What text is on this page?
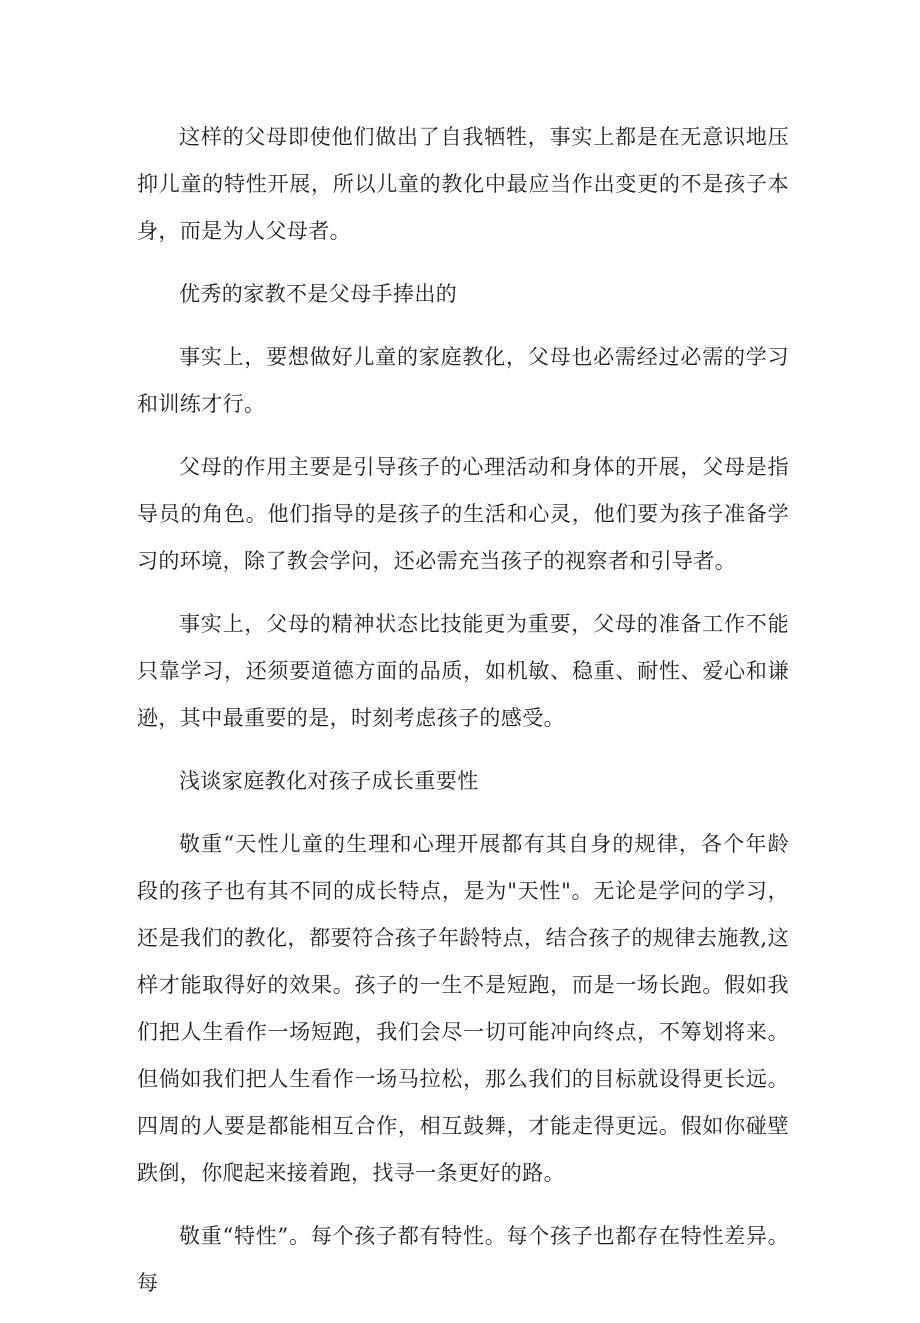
这样的父母即使他们做出了自我牺牲，事实上都是在无意识地压抑儿童的特性开展，所以儿童的教化中最应当作出变更的不是孩子本身，而是为人父母者。

优秀的家教不是父母手捧出的

事实上，要想做好儿童的家庭教化，父母也必需经过必需的学习和训练才行。

父母的作用主要是引导孩子的心理活动和身体的开展，父母是指导员的角色。他们指导的是孩子的生活和心灵，他们要为孩子准备学习的环境，除了教会学问，还必需充当孩子的视察者和引导者。

事实上，父母的精神状态比技能更为重要，父母的准备工作不能只靠学习，还须要道德方面的品质，如机敏、稳重、耐性、爱心和谦逊，其中最重要的是，时刻考虑孩子的感受。

浅谈家庭教化对孩子成长重要性

敬重“天性儿童的生理和心理开展都有其自身的规律，各个年龄段的孩子也有其不同的成长特点，是为"天性"。无论是学问的学习，还是我们的教化，都要符合孩子年龄特点，结合孩子的规律去施教,这样才能取得好的效果。孩子的一生不是短跑，而是一场长跑。假如我们把人生看作一场短跑，我们会尽一切可能冲向终点，不筹划将来。但倘如我们把人生看作一场马拉松，那么我们的目标就设得更长远。四周的人要是都能相互合作，相互鼓舞，才能走得更远。假如你碰壁跌倒，你爬起来接着跑，找寻一条更好的路。

敬重“特性”。每个孩子都有特性。每个孩子也都存在特性差异。每
